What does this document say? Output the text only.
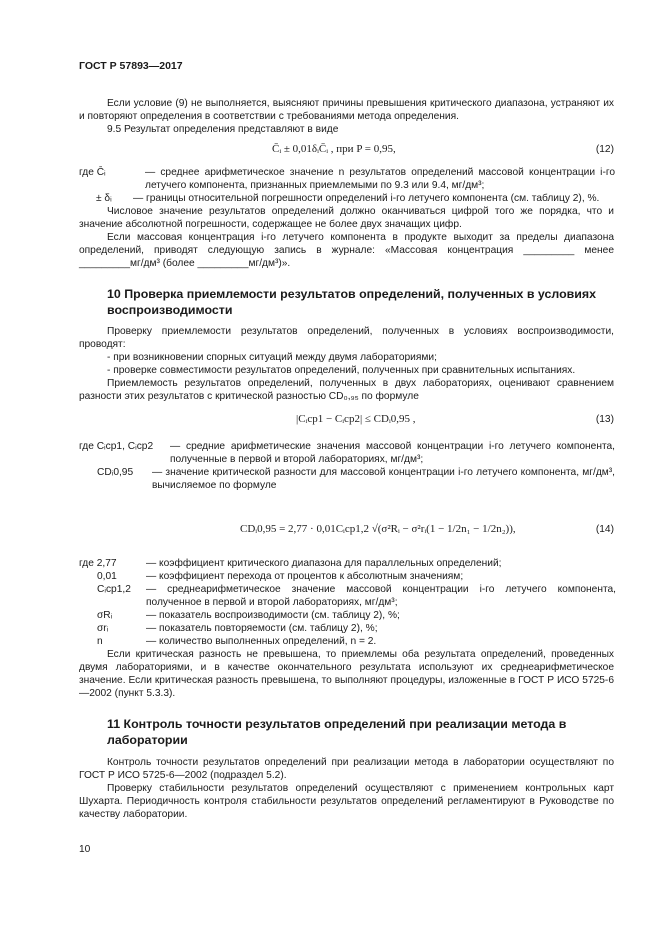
ГОСТ Р 57893—2017
Если условие (9) не выполняется, выясняют причины превышения критического диапазона, устраняют их и повторяют определения в соответствии с требованиями метода определения.
9.5 Результат определения представляют в виде
C̄ᵢ ± 0,01δᵢC̄ᵢ , при P = 0,95,	(12)
где C̄ᵢ	— среднее арифметическое значение n результатов определений массовой концентрации i-го летучего компонента, признанных приемлемыми по 9.3 или 9.4, мг/дм³;
± δᵢ — границы относительной погрешности определений i-го летучего компонента (см. таблицу 2), %.
Числовое значение результатов определений должно оканчиваться цифрой того же порядка, что и значение абсолютной погрешности, содержащее не более двух значащих цифр.
Если массовая концентрация i-го летучего компонента в продукте выходит за пределы диапазона определений, приводят следующую запись в журнале: «Массовая концентрация _________ менее _________мг/дм³ (более _________мг/дм³)».
10 Проверка приемлемости результатов определений, полученных в условиях воспроизводимости
Проверку приемлемости результатов определений, полученных в условиях воспроизводимости, проводят:
- при возникновении спорных ситуаций между двумя лабораториями;
- проверке совместимости результатов определений, полученных при сравнительных испытаниях.
Приемлемость результатов определений, полученных в двух лабораториях, оценивают сравнением разности этих результатов с критической разностью CD₀,₉₅ по формуле
|Cᵢcp1 − Cᵢcp2| ≤ CDᵢ0,95 ,	(13)
где Cᵢcp1, Cᵢcp2 — средние арифметические значения массовой концентрации i-го летучего компонента, полученные в первой и второй лабораториях, мг/дм³;
CDᵢ0,95 — значение критической разности для массовой концентрации i-го летучего компонента, мг/дм³, вычисляемое по формуле
CDᵢ0,95 = 2,77 · 0,01Cᵢcp1,2 √(σ²Rᵢ − σ²rᵢ(1 − 1/2n₁ − 1/2n₂)),	(14)
где 2,77	— коэффициент критического диапазона для параллельных определений;
0,01	— коэффициент перехода от процентов к абсолютным значениям;
Cᵢcp1,2 — среднеарифметическое значение массовой концентрации i-го летучего компонента, полученное в первой и второй лабораториях, мг/дм³;
σRᵢ	— показатель воспроизводимости (см. таблицу 2), %;
σrᵢ	— показатель повторяемости (см. таблицу 2), %;
n	— количество выполненных определений, n = 2.
Если критическая разность не превышена, то приемлемы оба результата определений, проведенных двумя лабораториями, и в качестве окончательного результата используют их среднеарифметическое значение. Если критическая разность превышена, то выполняют процедуры, изложенные в ГОСТ Р ИСО 5725-6—2002 (пункт 5.3.3).
11 Контроль точности результатов определений при реализации метода в лаборатории
Контроль точности результатов определений при реализации метода в лаборатории осуществляют по ГОСТ Р ИСО 5725-6—2002 (подраздел 5.2).
Проверку стабильности результатов определений осуществляют с применением контрольных карт Шухарта. Периодичность контроля стабильности результатов определений регламентируют в Руководстве по качеству лаборатории.
10
